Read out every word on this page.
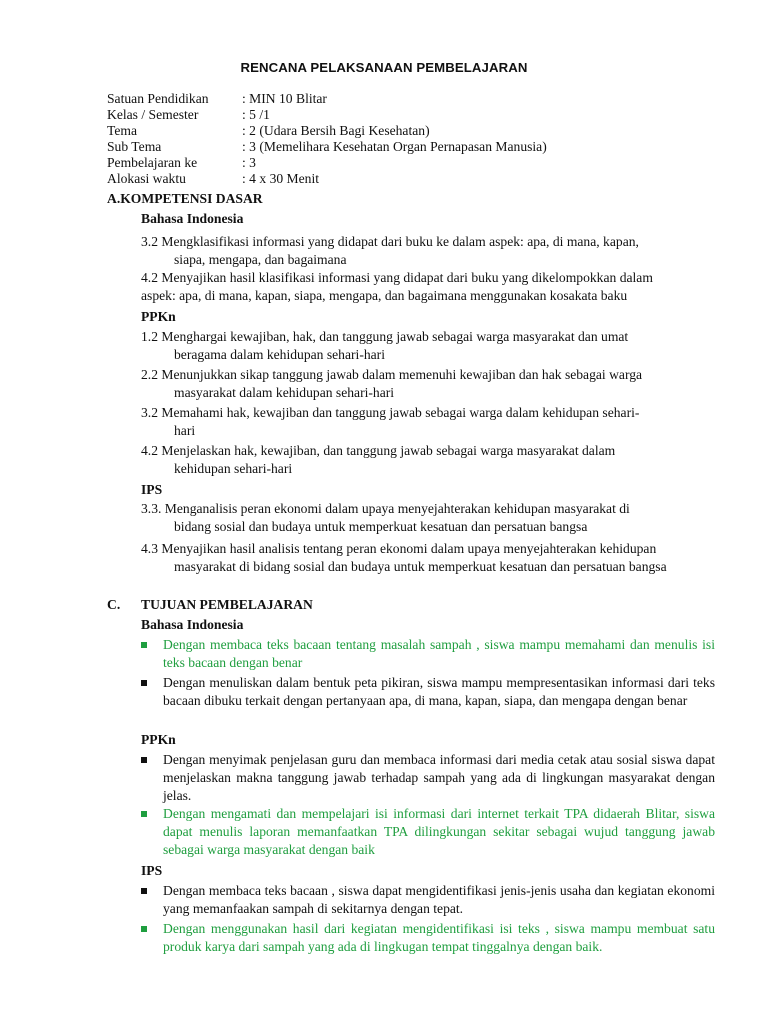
RENCANA PELAKSANAAN PEMBELAJARAN
Satuan Pendidikan : MIN 10 Blitar
Kelas / Semester	: 5 /1
Tema	: 2 (Udara Bersih Bagi Kesehatan)
Sub Tema	: 3 (Memelihara Kesehatan Organ Pernapasan Manusia)
Pembelajaran ke	: 3
Alokasi waktu	: 4 x 30 Menit
A.KOMPETENSI DASAR
Bahasa Indonesia
3.2 Mengklasifikasi informasi yang didapat dari buku ke dalam aspek: apa, di mana, kapan,
siapa, mengapa, dan bagaimana
4.2 Menyajikan hasil klasifikasi informasi yang didapat dari buku yang dikelompokkan dalam
aspek: apa, di mana, kapan, siapa, mengapa, dan bagaimana menggunakan kosakata baku
PPKn
1.2 Menghargai kewajiban, hak, dan tanggung jawab sebagai warga masyarakat dan umat
beragama dalam kehidupan sehari-hari
2.2 Menunjukkan sikap tanggung jawab dalam memenuhi kewajiban dan hak sebagai warga
masyarakat dalam kehidupan sehari-hari
3.2 Memahami hak, kewajiban dan tanggung jawab sebagai warga dalam kehidupan sehari-
hari
4.2 Menjelaskan hak, kewajiban, dan tanggung jawab sebagai warga masyarakat dalam
kehidupan sehari-hari
IPS
3.3. Menganalisis peran ekonomi dalam upaya menyejahterakan kehidupan masyarakat di
bidang sosial dan budaya untuk memperkuat kesatuan dan persatuan bangsa
4.3 Menyajikan hasil analisis tentang peran ekonomi dalam upaya menyejahterakan kehidupan
masyarakat di bidang sosial dan budaya untuk memperkuat kesatuan dan persatuan bangsa
C. TUJUAN PEMBELAJARAN
Bahasa Indonesia
Dengan membaca teks bacaan tentang masalah sampah , siswa mampu memahami dan menulis isi teks bacaan dengan benar
Dengan menuliskan dalam bentuk peta pikiran, siswa mampu mempresentasikan informasi dari teks bacaan dibuku terkait dengan pertanyaan apa, di mana, kapan, siapa, dan mengapa dengan benar
PPKn
Dengan menyimak penjelasan guru dan membaca informasi dari media cetak atau sosial siswa dapat menjelaskan makna tanggung jawab terhadap sampah yang ada di lingkungan masyarakat dengan jelas.
Dengan mengamati dan mempelajari isi informasi dari internet terkait TPA didaerah Blitar, siswa dapat menulis laporan memanfaatkan TPA dilingkungan sekitar sebagai wujud tanggung jawab sebagai warga masyarakat dengan baik
IPS
Dengan membaca teks bacaan , siswa dapat mengidentifikasi jenis-jenis usaha dan kegiatan ekonomi yang memanfaakan sampah di sekitarnya dengan tepat.
Dengan menggunakan hasil dari kegiatan mengidentifikasi isi teks , siswa mampu membuat satu produk karya dari sampah yang ada di lingkugan tempat tinggalnya dengan baik.
